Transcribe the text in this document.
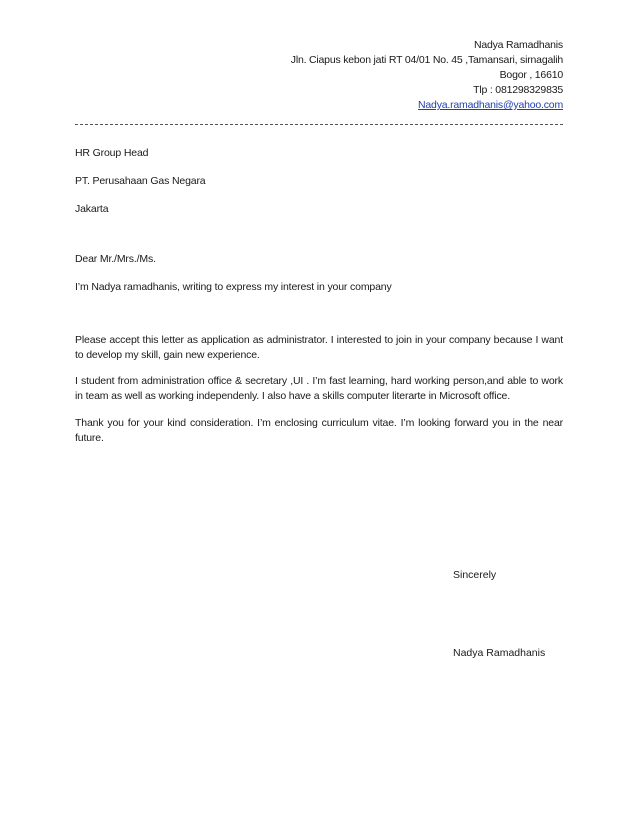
Nadya Ramadhanis
Jln. Ciapus kebon jati RT 04/01 No. 45 ,Tamansari, sirnagalih
Bogor , 16610
Tlp : 081298329835
Nadya.ramadhanis@yahoo.com
HR Group Head
PT. Perusahaan Gas Negara
Jakarta
Dear Mr./Mrs./Ms.
I’m Nadya ramadhanis, writing to express my interest in your company
Please accept this letter as application as administrator. I interested to join in your company because I want to develop my skill, gain new experience.
I student from administration office & secretary ,UI . I’m fast learning, hard working person,and able to work in team as well as working independenly. I also have a skills computer literarte in Microsoft office.
Thank you for your kind consideration. I’m enclosing curriculum vitae. I’m looking forward you in the near future.
Sincerely
Nadya Ramadhanis
